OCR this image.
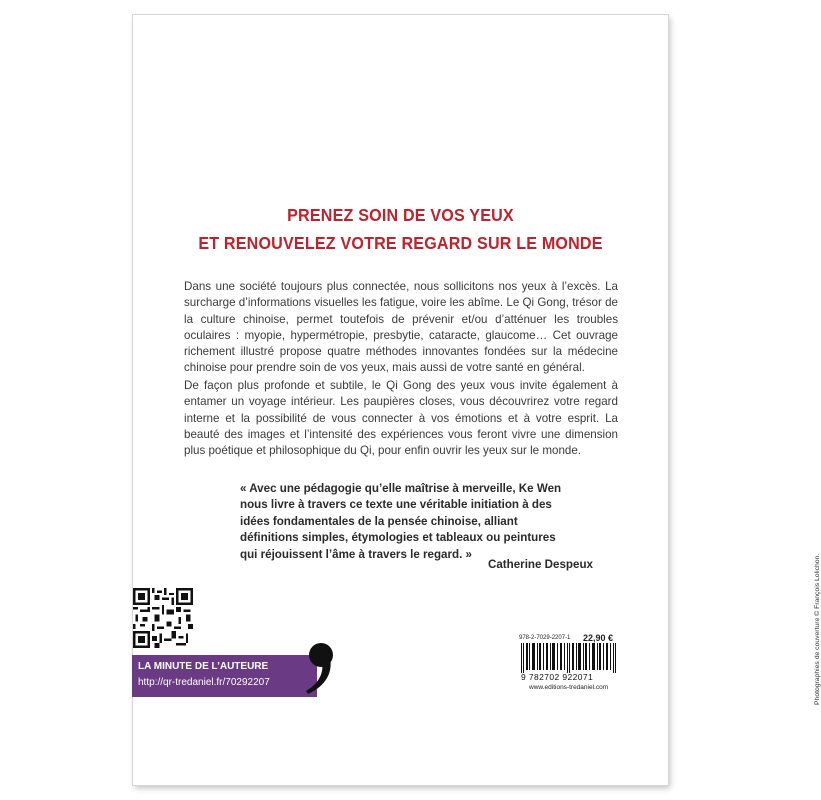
PRENEZ SOIN DE VOS YEUX
ET RENOUVELEZ VOTRE REGARD SUR LE MONDE

Dans une société toujours plus connectée, nous sollicitons nos yeux à l’excès. La surcharge d’informations visuelles les fatigue, voire les abîme. Le Qi Gong, trésor de la culture chinoise, permet toutefois de prévenir et/ou d’atténuer les troubles oculaires : myopie, hypermétropie, presbytie, cataracte, glaucome… Cet ouvrage richement illustré propose quatre méthodes innovantes fondées sur la médecine chinoise pour prendre soin de vos yeux, mais aussi de votre santé en général.

De façon plus profonde et subtile, le Qi Gong des yeux vous invite également à entamer un voyage intérieur. Les paupières closes, vous découvrirez votre regard interne et la possibilité de vous connecter à vos émotions et à votre esprit. La beauté des images et l’intensité des expériences vous feront vivre une dimension plus poétique et philosophique du Qi, pour enfin ouvrir les yeux sur le monde.

« Avec une pédagogie qu’elle maîtrise à merveille, Ke Wen nous livre à travers ce texte une véritable initiation à des idées fondamentales de la pensée chinoise, alliant définitions simples, étymologies et tableaux ou peintures qui réjouissent l’âme à travers le regard. »

Catherine Despeux

LA MINUTE DE L’AUTEURE
http://qr-tredaniel.fr/70292207
978-2-7029-2207-1 22,90 €
9 782702 922071
www.editions-tredaniel.com	Photographies de couverture © François Lolichon.
